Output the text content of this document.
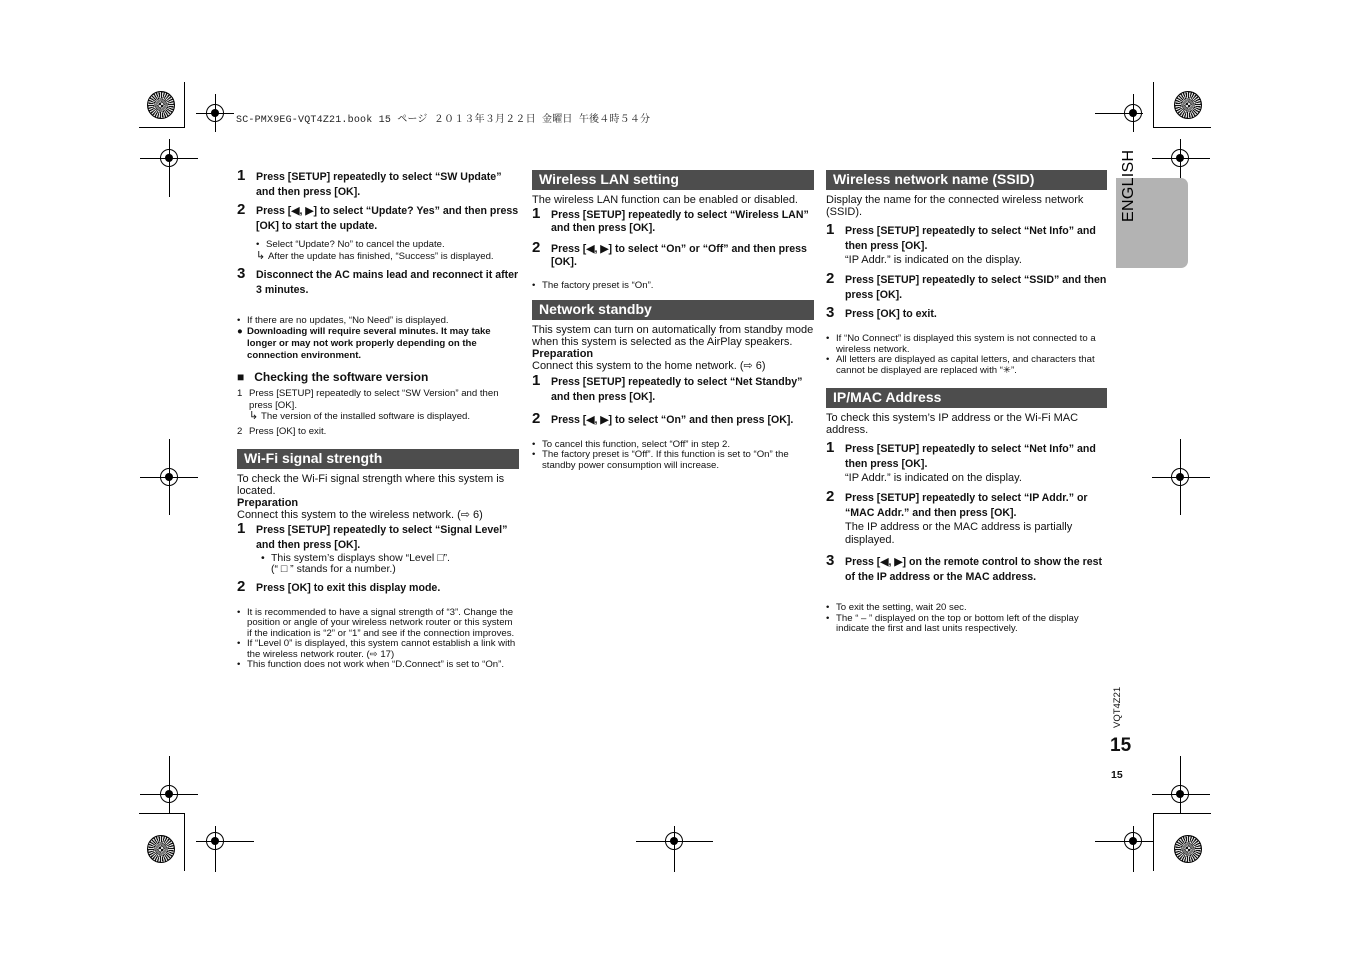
SC-PMX9EG-VQT4Z21.book 15 ページ ２０１３年３月２２日 金曜日 午後４時５４分
1 Press [SETUP] repeatedly to select “SW Update” and then press [OK].
2 Press [◀, ▶] to select “Update? Yes” and then press [OK] to start the update.
• Select “Update? No” to cancel the update.
↳ After the update has finished, “Success” is displayed.
3 Disconnect the AC mains lead and reconnect it after 3 minutes.
• If there are no updates, “No Need” is displayed.
● Downloading will require several minutes. It may take longer or may not work properly depending on the connection environment.
■ Checking the software version
1 Press [SETUP] repeatedly to select “SW Version” and then press [OK].
↳ The version of the installed software is displayed.
2 Press [OK] to exit.
Wi-Fi signal strength
To check the Wi-Fi signal strength where this system is located.
Preparation
Connect this system to the wireless network. (⇨ 6)
1 Press [SETUP] repeatedly to select “Signal Level” and then press [OK].
• This system’s displays show “Level □”.
(“ □ ” stands for a number.)
2 Press [OK] to exit this display mode.
• It is recommended to have a signal strength of “3”. Change the position or angle of your wireless network router or this system if the indication is “2” or “1” and see if the connection improves.
• If “Level 0” is displayed, this system cannot establish a link with the wireless network router. (⇨ 17)
• This function does not work when “D.Connect” is set to “On”.
Wireless LAN setting
The wireless LAN function can be enabled or disabled.
1 Press [SETUP] repeatedly to select “Wireless LAN” and then press [OK].
2 Press [◀, ▶] to select “On” or “Off” and then press [OK].
• The factory preset is “On”.
Network standby
This system can turn on automatically from standby mode when this system is selected as the AirPlay speakers.
Preparation
Connect this system to the home network. (⇨ 6)
1 Press [SETUP] repeatedly to select “Net Standby” and then press [OK].
2 Press [◀, ▶] to select “On” and then press [OK].
• To cancel this function, select “Off” in step 2.
• The factory preset is “Off”. If this function is set to “On” the standby power consumption will increase.
Wireless network name (SSID)
Display the name for the connected wireless network (SSID).
1 Press [SETUP] repeatedly to select “Net Info” and then press [OK].
“IP Addr.” is indicated on the display.
2 Press [SETUP] repeatedly to select “SSID” and then press [OK].
3 Press [OK] to exit.
• If “No Connect” is displayed this system is not connected to a wireless network.
• All letters are displayed as capital letters, and characters that cannot be displayed are replaced with “✳”.
IP/MAC Address
To check this system’s IP address or the Wi-Fi MAC address.
1 Press [SETUP] repeatedly to select “Net Info” and then press [OK].
“IP Addr.” is indicated on the display.
2 Press [SETUP] repeatedly to select “IP Addr.” or “MAC Addr.” and then press [OK].
The IP address or the MAC address is partially displayed.
3 Press [◀, ▶] on the remote control to show the rest of the IP address or the MAC address.
• To exit the setting, wait 20 sec.
• The “ – ” displayed on the top or bottom left of the display indicate the first and last units respectively.
ENGLISH
VQT4Z21
15
15
